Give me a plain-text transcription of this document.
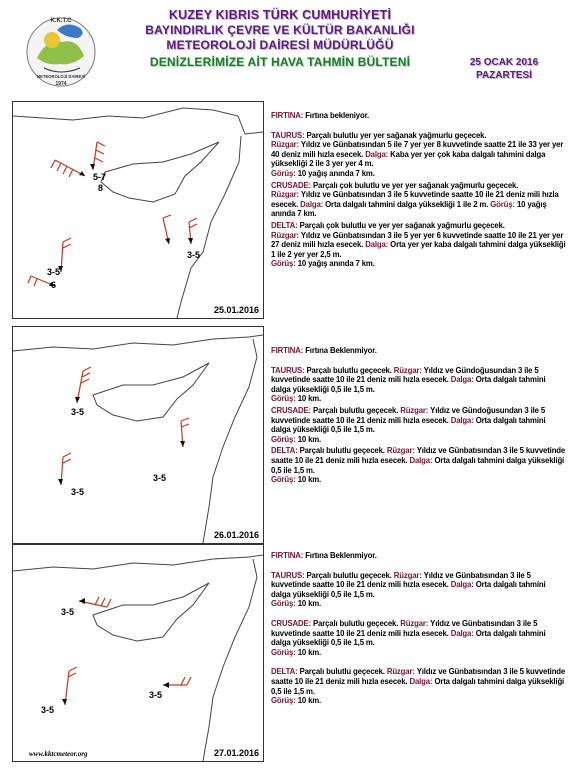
K.K.T.C
METEOROLOJİ DAİRESİ
1974
KUZEY KIBRIS TÜRK CUMHURİYETİ
BAYINDIRLIK ÇEVRE VE KÜLTÜR BAKANLIĞI
METEOROLOJİ DAİRESİ MÜDÜRLÜĞÜ
DENİZLERİMİZE AİT HAVA TAHMİN BÜLTENİ	25 OCAK 2016
PAZARTESİ
5-7
8
3-5
3-5
6
25.01.2016
3-5
3-5
3-5
26.01.2016
3-5
3-5
3-5
www.kktcmeteor.org	27.01.2016

FIRTINA: Fırtına bekleniyor.

TAURUS: Parçalı bulutlu yer yer sağanak yağmurlu geçecek.
Rüzgar: Yıldız ve Günbatısından 5 ile 7 yer yer 8 kuvvetinde saatte 21 ile 33 yer yer 40 deniz mili hızla esecek. Dalga: Kaba yer yer çok kaba dalgalı tahmini dalga yüksekliği 2 ile 3 yer yer 4 m.
Görüş: 10 yağış anında 7 km.

CRUSADE: Parçalı çok bulutlu ve yer yer sağanak yağmurlu geçecek.
Rüzgar: Yıldız ve Günbatısından 3 ile 5 kuvvetinde saatte 10 ile 21 deniz mili hızla esecek. Dalga: Orta dalgalı tahmini dalga yüksekliği 1 ile 2 m. Görüş: 10 yağış anında 7 km.

DELTA: Parçalı çok bulutlu ve yer yer sağanak yağmurlu geçecek.
Rüzgar: Yıldız ve Günbatısından 3 ile 5 yer yer 6 kuvvetinde saatte 10 ile 21 yer yer 27 deniz mili hızla esecek. Dalga: Orta yer yer kaba dalgalı tahmini dalga yüksekliği 1 ile 2 yer yer 2,5 m.
Görüş: 10 yağış anında 7 km.

FIRTINA: Fırtına Beklenmiyor.

TAURUS: Parçalı bulutlu geçecek. Rüzgar: Yıldız ve Gündoğusundan 3 ile 5 kuvvetinde saatte 10 ile 21 deniz mili hızla esecek. Dalga: Orta dalgalı tahmini dalga yüksekliği 0,5 ile 1,5 m.
Görüş: 10 km.

CRUSADE: Parçalı bulutlu geçecek. Rüzgar: Yıldız ve Gündoğusundan 3 ile 5 kuvvetinde saatte 10 ile 21 deniz mili hızla esecek. Dalga: Orta dalgalı tahmini dalga yüksekliği 0,5 ile 1,5 m.
Görüş: 10 km.

DELTA: Parçalı bulutlu geçecek. Rüzgar: Yıldız ve Günbatısından 3 ile 5 kuvvetinde saatte 10 ile 21 deniz mili hızla esecek. Dalga: Orta dalgalı tahmini dalga yüksekliği 0,5 ile 1,5 m.
Görüş: 10 km.

FIRTINA: Fırtına Beklenmiyor.

TAURUS: Parçalı bulutlu geçecek. Rüzgar: Yıldız ve Günbatısından 3 ile 5 kuvvetinde saatte 10 ile 21 deniz mili hızla esecek. Dalga: Orta dalgalı tahmini dalga yüksekliği 0,5 ile 1,5 m.
Görüş: 10 km.

CRUSADE: Parçalı bulutlu geçecek. Rüzgar: Yıldız ve Günbatısından 3 ile 5 kuvvetinde saatte 10 ile 21 deniz mili hızla esecek. Dalga: Orta dalgalı tahmini dalga yüksekliği 0,5 ile 1,5 m.
Görüş: 10 km.

DELTA: Parçalı bulutlu geçecek. Rüzgar: Yıldız ve Günbatısından 3 ile 5 kuvvetinde saatte 10 ile 21 deniz mili hızla esecek. Dalga: Orta dalgalı tahmini dalga yüksekliği 0,5 ile 1,5 m.
Görüş: 10 km.
